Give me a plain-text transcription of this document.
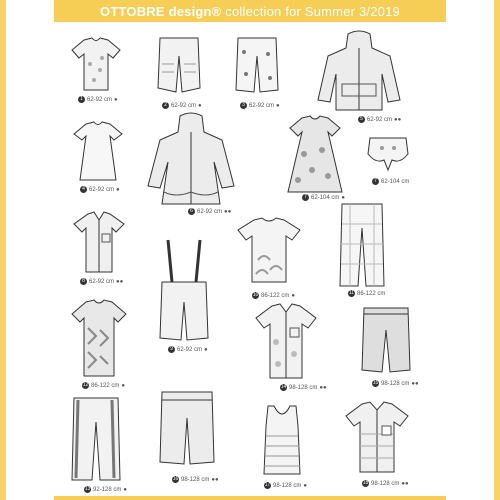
OTTOBRE design® collection for Summer 3/2019
1 62-92 cm ●
2 62-92 cm ●	3 62-92 cm ●
5 62-92 cm ●●
4 62-92 cm ●
6 62-92 cm ●●
7 62-104 cm ●
7 62-104 cm
8 62-92 cm ●●
9 62-92 cm ●
10 86-122 cm ●	11 86-122 cm
12 86-122 cm ●	14 98-128 cm ●●
15 98-128 cm ●●
13 92-128 cm ●
16 98-128 cm ●●
17 98-128 cm ●	18 98-128 cm ●●
